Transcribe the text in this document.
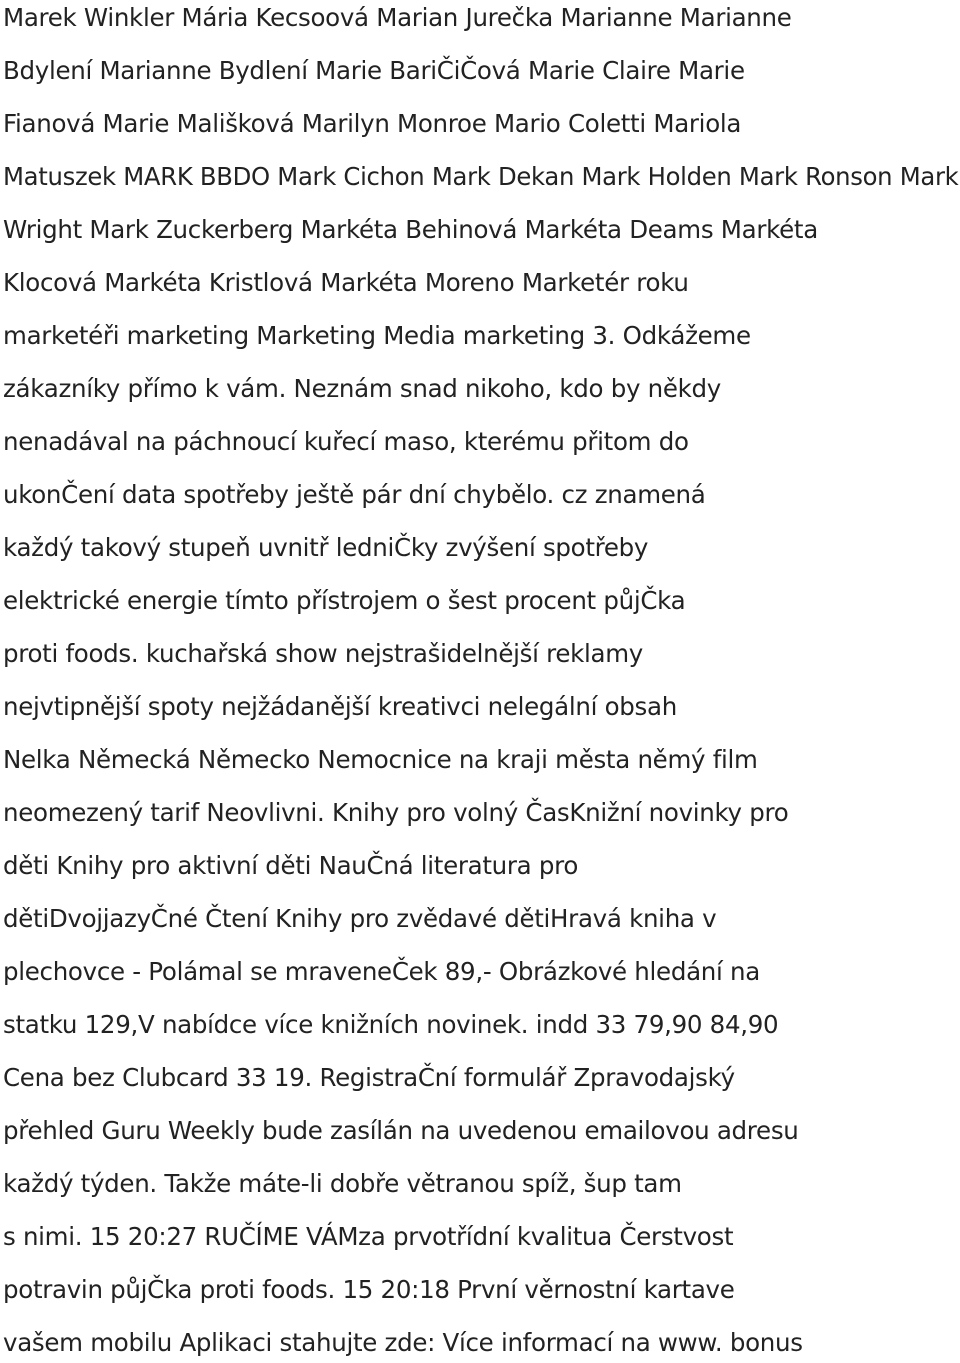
Marek Winkler Mária Kecsoová Marian Jurečka Marianne Marianne
Bdylení Marianne Bydlení Marie BariČiČová Marie Claire Marie
Fianová Marie Mališková Marilyn Monroe Mario Coletti Mariola
Matuszek MARK BBDO Mark Cichon Mark Dekan Mark Holden Mark Ronson Mark
Wright Mark Zuckerberg Markéta Behinová Markéta Deams Markéta
Klocová Markéta Kristlová Markéta Moreno Marketér roku
marketéři marketing Marketing Media marketing 3. Odkážeme
zákazníky přímo k vám. Neznám snad nikoho, kdo by někdy
nenadával na páchnoucí kuřecí maso, kterému přitom do
ukonČení data spotřeby ještě pár dní chybělo. cz znamená
každý takový stupeň uvnitř ledniČky zvýšení spotřeby
elektrické energie tímto přístrojem o šest procent půjČka
proti foods. kuchařská show nejstrašidelnější reklamy
nejvtipnější spoty nejžádanější kreativci nelegální obsah
Nelka Německá Německo Nemocnice na kraji města němý film
neomezený tarif Neovlivni. Knihy pro volný ČasKnižní novinky pro
děti Knihy pro aktivní děti NauČná literatura pro
dětiDvojjazyČné Čtení Knihy pro zvědavé dětiHravá kniha v
plechovce - Polámal se mraveneČek 89,- Obrázkové hledání na
statku 129,V nabídce více knižních novinek. indd 33 79,90 84,90
Cena bez Clubcard 33 19. RegistraČní formulář Zpravodajský
přehled Guru Weekly bude zasílán na uvedenou emailovou adresu
každý týden. Takže máte-li dobře větranou spíž, šup tam
s nimi. 15 20:27 RUČÍME VÁMza prvotřídní kvalitua Čerstvost
potravin půjČka proti foods. 15 20:18 První věrnostní kartave
vašem mobilu Aplikaci stahujte zde: Více informací na www. bonus
